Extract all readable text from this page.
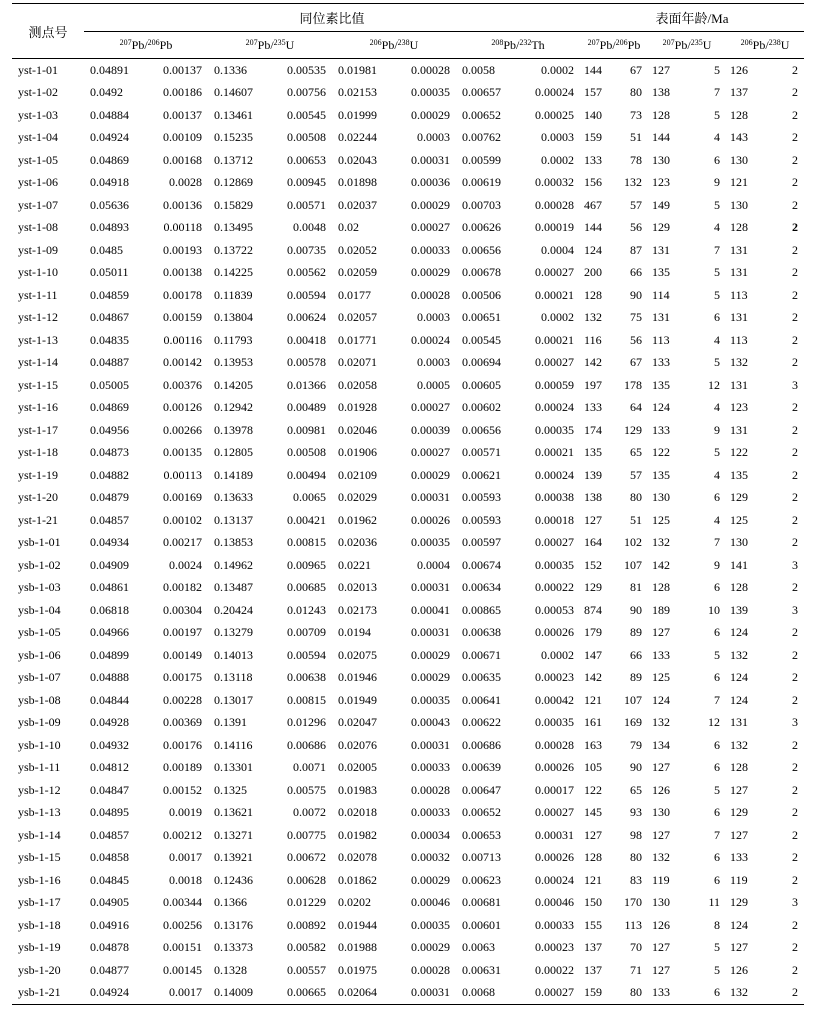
测点号	同位素比值								表面年龄/Ma					
	$^{207}$Pb/$^{206}$Pb		$^{207}$Pb/$^{235}$U		$^{206}$Pb/$^{238}$U		$^{208}$Pb/$^{232}$Th		$^{207}$Pb/$^{206}$Pb		$^{207}$Pb/$^{235}$U		$^{206}$Pb/$^{238}$U	
yst-1-01	0.04891	0.00137	0.1336	0.00535	0.01981	0.00028	0.0058	0.0002	144	67	127	5	126	2
yst-1-02	0.0492	0.00186	0.14607	0.00756	0.02153	0.00035	0.00657	0.00024	157	80	138	7	137	2
yst-1-03	0.04884	0.00137	0.13461	0.00545	0.01999	0.00029	0.00652	0.00025	140	73	128	5	128	2
yst-1-04	0.04924	0.00109	0.15235	0.00508	0.02244	0.0003	0.00762	0.0003	159	51	144	4	143	2
yst-1-05	0.04869	0.00168	0.13712	0.00653	0.02043	0.00031	0.00599	0.0002	133	78	130	6	130	2
yst-1-06	0.04918	0.0028	0.12869	0.00945	0.01898	0.00036	0.00619	0.00032	156	132	123	9	121	2
yst-1-07	0.05636	0.00136	0.15829	0.00571	0.02037	0.00029	0.00703	0.00028	467	57	149	5	130	2
yst-1-08	0.04893	0.00118	0.13495	0.0048	0.02	0.00027	0.00626	0.00019	144	56	129	4	128	2
yst-1-09	0.0485	0.00193	0.13722	0.00735	0.02052	0.00033	0.00656	0.0004	124	87	131	7	131	2
yst-1-10	0.05011	0.00138	0.14225	0.00562	0.02059	0.00029	0.00678	0.00027	200	66	135	5	131	2
yst-1-11	0.04859	0.00178	0.11839	0.00594	0.0177	0.00028	0.00506	0.00021	128	90	114	5	113	2
yst-1-12	0.04867	0.00159	0.13804	0.00624	0.02057	0.0003	0.00651	0.0002	132	75	131	6	131	2
yst-1-13	0.04835	0.00116	0.11793	0.00418	0.01771	0.00024	0.00545	0.00021	116	56	113	4	113	2
yst-1-14	0.04887	0.00142	0.13953	0.00578	0.02071	0.0003	0.00694	0.00027	142	67	133	5	132	2
yst-1-15	0.05005	0.00376	0.14205	0.01366	0.02058	0.0005	0.00605	0.00059	197	178	135	12	131	3
yst-1-16	0.04869	0.00126	0.12942	0.00489	0.01928	0.00027	0.00602	0.00024	133	64	124	4	123	2
yst-1-17	0.04956	0.00266	0.13978	0.00981	0.02046	0.00039	0.00656	0.00035	174	129	133	9	131	2
yst-1-18	0.04873	0.00135	0.12805	0.00508	0.01906	0.00027	0.00571	0.00021	135	65	122	5	122	2
yst-1-19	0.04882	0.00113	0.14189	0.00494	0.02109	0.00029	0.00621	0.00024	139	57	135	4	135	2
yst-1-20	0.04879	0.00169	0.13633	0.0065	0.02029	0.00031	0.00593	0.00038	138	80	130	6	129	2
yst-1-21	0.04857	0.00102	0.13137	0.00421	0.01962	0.00026	0.00593	0.00018	127	51	125	4	125	2
ysb-1-01	0.04934	0.00217	0.13853	0.00815	0.02036	0.00035	0.00597	0.00027	164	102	132	7	130	2
ysb-1-02	0.04909	0.0024	0.14962	0.00965	0.0221	0.0004	0.00674	0.00035	152	107	142	9	141	3
ysb-1-03	0.04861	0.00182	0.13487	0.00685	0.02013	0.00031	0.00634	0.00022	129	81	128	6	128	2
ysb-1-04	0.06818	0.00304	0.20424	0.01243	0.02173	0.00041	0.00865	0.00053	874	90	189	10	139	3
ysb-1-05	0.04966	0.00197	0.13279	0.00709	0.0194	0.00031	0.00638	0.00026	179	89	127	6	124	2
ysb-1-06	0.04899	0.00149	0.14013	0.00594	0.02075	0.00029	0.00671	0.0002	147	66	133	5	132	2
ysb-1-07	0.04888	0.00175	0.13118	0.00638	0.01946	0.00029	0.00635	0.00023	142	89	125	6	124	2
ysb-1-08	0.04844	0.00228	0.13017	0.00815	0.01949	0.00035	0.00641	0.00042	121	107	124	7	124	2
ysb-1-09	0.04928	0.00369	0.1391	0.01296	0.02047	0.00043	0.00622	0.00035	161	169	132	12	131	3
ysb-1-10	0.04932	0.00176	0.14116	0.00686	0.02076	0.00031	0.00686	0.00028	163	79	134	6	132	2
ysb-1-11	0.04812	0.00189	0.13301	0.0071	0.02005	0.00033	0.00639	0.00026	105	90	127	6	128	2
ysb-1-12	0.04847	0.00152	0.1325	0.00575	0.01983	0.00028	0.00647	0.00017	122	65	126	5	127	2
ysb-1-13	0.04895	0.0019	0.13621	0.0072	0.02018	0.00033	0.00652	0.00027	145	93	130	6	129	2
ysb-1-14	0.04857	0.00212	0.13271	0.00775	0.01982	0.00034	0.00653	0.00031	127	98	127	7	127	2
ysb-1-15	0.04858	0.0017	0.13921	0.00672	0.02078	0.00032	0.00713	0.00026	128	80	132	6	133	2
ysb-1-16	0.04845	0.0018	0.12436	0.00628	0.01862	0.00029	0.00623	0.00024	121	83	119	6	119	2
ysb-1-17	0.04905	0.00344	0.1366	0.01229	0.0202	0.00046	0.00681	0.00046	150	170	130	11	129	3
ysb-1-18	0.04916	0.00256	0.13176	0.00892	0.01944	0.00035	0.00601	0.00033	155	113	126	8	124	2
ysb-1-19	0.04878	0.00151	0.13373	0.00582	0.01988	0.00029	0.0063	0.00023	137	70	127	5	127	2
ysb-1-20	0.04877	0.00145	0.1328	0.00557	0.01975	0.00028	0.00631	0.00022	137	71	127	5	126	2
ysb-1-21	0.04924	0.0017	0.14009	0.00665	0.02064	0.00031	0.0068	0.00027	159	80	133	6	132	2
